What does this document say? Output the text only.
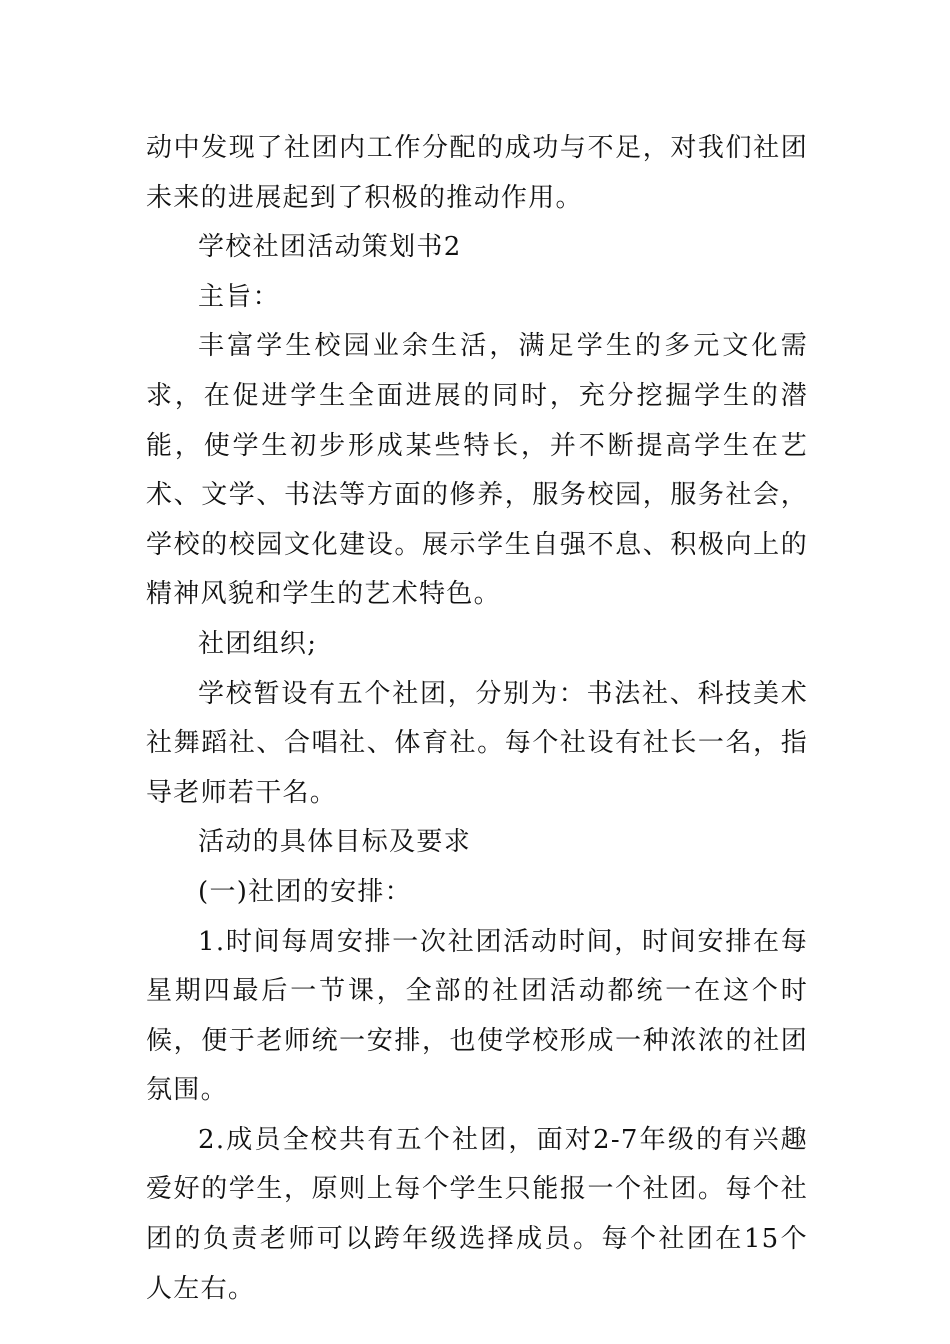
动中发现了社团内工作分配的成功与不足，对我们社团未来的进展起到了积极的推动作用。

学校社团活动策划书2

主旨：

丰富学生校园业余生活，满足学生的多元文化需求，在促进学生全面进展的同时，充分挖掘学生的潜能，使学生初步形成某些特长，并不断提高学生在艺术、文学、书法等方面的修养，服务校园，服务社会，学校的校园文化建设。展示学生自强不息、积极向上的精神风貌和学生的艺术特色。

社团组织;

学校暂设有五个社团，分别为：书法社、科技美术社舞蹈社、合唱社、体育社。每个社设有社长一名，指导老师若干名。

活动的具体目标及要求

(一)社团的安排：

1.时间每周安排一次社团活动时间，时间安排在每星期四最后一节课，全部的社团活动都统一在这个时候，便于老师统一安排，也使学校形成一种浓浓的社团氛围。

2.成员全校共有五个社团，面对2-7年级的有兴趣爱好的学生，原则上每个学生只能报一个社团。每个社团的负责老师可以跨年级选择成员。每个社团在15个人左右。
